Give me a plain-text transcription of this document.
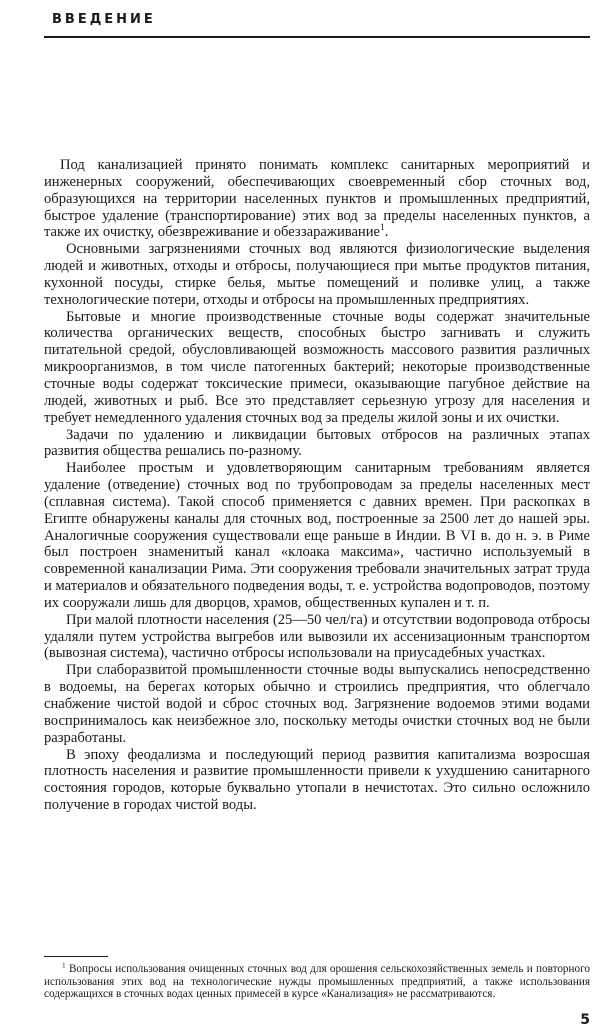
ВВЕДЕНИЕ

Под канализацией принято понимать комплекс санитарных мероприятий и инженерных сооружений, обеспечивающих своевременный сбор сточных вод, образующихся на территории населенных пунктов и промышленных предприятий, быстрое удаление (транспортирование) этих вод за пределы населенных пунктов, а также их очистку, обезвреживание и обеззараживание$^1$.

Основными загрязнениями сточных вод являются физиологические выделения людей и животных, отходы и отбросы, получающиеся при мытье продуктов питания, кухонной посуды, стирке белья, мытье помещений и поливке улиц, а также технологические потери, отходы и отбросы на промышленных предприятиях.

Бытовые и многие производственные сточные воды содержат значительные количества органических веществ, способных быстро загнивать и служить питательной средой, обусловливающей возможность массового развития различных микроорганизмов, в том числе патогенных бактерий; некоторые производственные сточные воды содержат токсические примеси, оказывающие пагубное действие на людей, животных и рыб. Все это представляет серьезную угрозу для населения и требует немедленного удаления сточных вод за пределы жилой зоны и их очистки.

Задачи по удалению и ликвидации бытовых отбросов на различных этапах развития общества решались по-разному.

Наиболее простым и удовлетворяющим санитарным требованиям является удаление (отведение) сточных вод по трубопроводам за пределы населенных мест (сплавная система). Такой способ применяется с давних времен. При раскопках в Египте обнаружены каналы для сточных вод, построенные за 2500 лет до нашей эры. Аналогичные сооружения существовали еще раньше в Индии. В VI в. до н. э. в Риме был построен знаменитый канал «клоака максима», частично используемый в современной канализации Рима. Эти сооружения требовали значительных затрат труда и материалов и обязательного подведения воды, т. е. устройства водопроводов, поэтому их сооружали лишь для дворцов, храмов, общественных купален и т. п.

При малой плотности населения (25—50 чел/га) и отсутствии водопровода отбросы удаляли путем устройства выгребов или вывозили их ассенизационным транспортом (вывозная система), частично отбросы использовали на приусадебных участках.

При слаборазвитой промышленности сточные воды выпускались непосредственно в водоемы, на берегах которых обычно и строились предприятия, что облегчало снабжение чистой водой и сброс сточных вод. Загрязнение водоемов этими водами воспринималось как неизбежное зло, поскольку методы очистки сточных вод не были разработаны.

В эпоху феодализма и последующий период развития капитализма возросшая плотность населения и развитие промышленности привели к ухудшению санитарного состояния городов, которые буквально утопали в нечистотах. Это сильно осложнило получение в городах чистой воды.

$^1$ Вопросы использования очищенных сточных вод для орошения сельскохозяйственных земель и повторного использования этих вод на технологические нужды промышленных предприятий, а также использования содержащихся в сточных водах ценных примесей в курсе «Канализация» не рассматриваются.
5
